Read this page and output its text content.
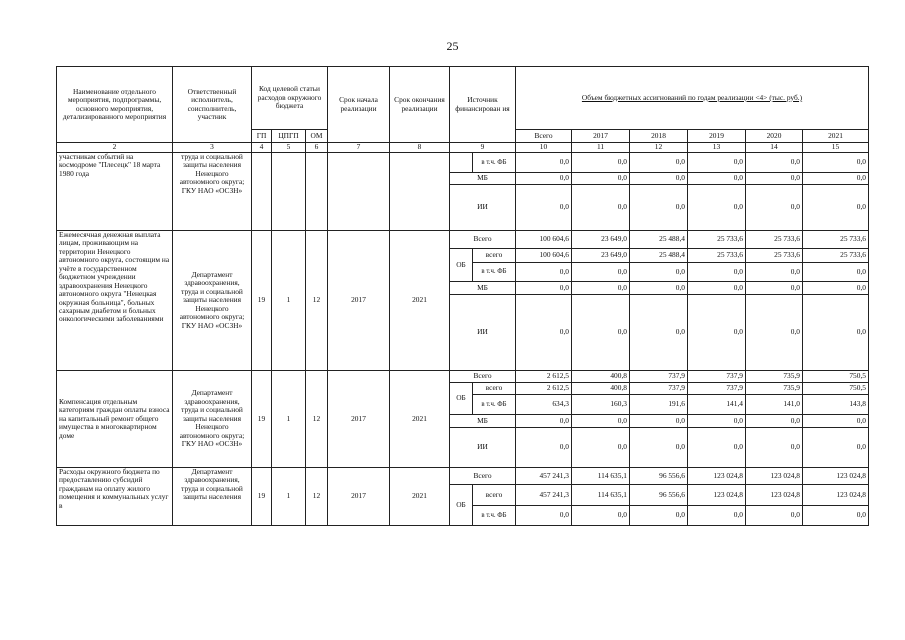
25
Наименование отдельного мероприятия, подпрограммы, основного мероприятия, детализированного мероприятия	Ответственный исполнитель, соисполнитель, участник	Код целевой статьи расходов окружного бюджета			Срок начала реализации	Срок окончания реализации	Источник финансирован ия		Объем бюджетных ассигнований по годам реализации <4> (тыс. руб.)					
		ГП	ЦПГП	ОМ					Всего	2017	2018	2019	2020	2021
2	3	4	5	6	7	8	9		10	11	12	13	14	15
участникам событий на космодроме "Плесецк" 18 марта 1980 года	труда и социальной защиты населения Ненецкого автономного округа; ГКУ НАО «ОСЗН»							в т.ч. ФБ	0,0	0,0	0,0	0,0	0,0	0,0
							МБ		0,0	0,0	0,0	0,0	0,0	0,0
							ИИ		0,0	0,0	0,0	0,0	0,0	0,0
Ежемесячная денежная выплата лицам, проживающим на территории Ненецкого автономного округа, состоящим на учёте в государственном бюджетном учреждении здравоохранения Ненецкого автономного округа "Ненецкая окружная больница", больных сахарным диабетом и больных онкологическими заболеваниями	Департамент здравоохранения, труда и социальной защиты населения Ненецкого автономного округа; ГКУ НАО «ОСЗН»	19	1	12	2017	2021	Всего		100 604,6	23 649,0	25 488,4	25 733,6	25 733,6	25 733,6
							ОБ	всего	100 604,6	23 649,0	25 488,4	25 733,6	25 733,6	25 733,6
								в т.ч. ФБ	0,0	0,0	0,0	0,0	0,0	0,0
							МБ		0,0	0,0	0,0	0,0	0,0	0,0
							ИИ		0,0	0,0	0,0	0,0	0,0	0,0
Компенсация отдельным категориям граждан оплаты взноса на капитальный ремонт общего имущества в многоквартирном доме	Департамент здравоохранения, труда и социальной защиты населения Ненецкого автономного округа; ГКУ НАО «ОСЗН»	19	1	12	2017	2021	Всего		2 612,5	400,8	737,9	737,9	735,9	750,5
							ОБ	всего	2 612,5	400,8	737,9	737,9	735,9	750,5
								в т.ч. ФБ	634,3	160,3	191,6	141,4	141,0	143,8
							МБ		0,0	0,0	0,0	0,0	0,0	0,0
							ИИ		0,0	0,0	0,0	0,0	0,0	0,0
Расходы окружного бюджета по предоставлению субсидий гражданам на оплату жилого помещения и коммунальных услуг в	Департамент здравоохранения, труда и социальной защиты населения	19	1	12	2017	2021	Всего		457 241,3	114 635,1	96 556,6	123 024,8	123 024,8	123 024,8
							ОБ	всего	457 241,3	114 635,1	96 556,6	123 024,8	123 024,8	123 024,8
								в т.ч. ФБ	0,0	0,0	0,0	0,0	0,0	0,0
